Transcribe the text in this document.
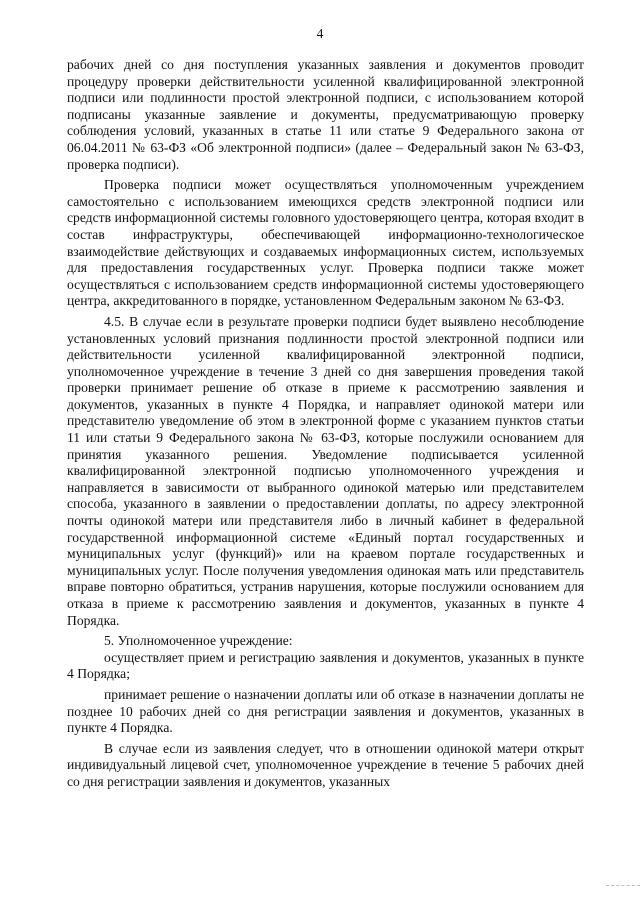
4

рабочих дней со дня поступления указанных заявления и документов проводит процедуру проверки действительности усиленной квалифицированной электронной подписи или подлинности простой электронной подписи, с использованием которой подписаны указанные заявление и документы, предусматривающую проверку соблюдения условий, указанных в статье 11 или статье 9 Федерального закона от 06.04.2011 № 63-ФЗ «Об электронной подписи» (далее – Федеральный закон № 63-ФЗ, проверка подписи).

Проверка подписи может осуществляться уполномоченным учреждением самостоятельно с использованием имеющихся средств электронной подписи или средств информационной системы головного удостоверяющего центра, которая входит в состав инфраструктуры, обеспечивающей информационно-технологическое взаимодействие действующих и создаваемых информационных систем, используемых для предоставления государственных услуг. Проверка подписи также может осуществляться с использованием средств информационной системы удостоверяющего центра, аккредитованного в порядке, установленном Федеральным законом № 63-ФЗ.

4.5. В случае если в результате проверки подписи будет выявлено несоблюдение установленных условий признания подлинности простой электронной подписи или действительности усиленной квалифицированной электронной подписи, уполномоченное учреждение в течение 3 дней со дня завершения проведения такой проверки принимает решение об отказе в приеме к рассмотрению заявления и документов, указанных в пункте 4 Порядка, и направляет одинокой матери или представителю уведомление об этом в электронной форме с указанием пунктов статьи 11 или статьи 9 Федерального закона № 63-ФЗ, которые послужили основанием для принятия указанного решения. Уведомление подписывается усиленной квалифицированной электронной подписью уполномоченного учреждения и направляется в зависимости от выбранного одинокой матерью или представителем способа, указанного в заявлении о предоставлении доплаты, по адресу электронной почты одинокой матери или представителя либо в личный кабинет в федеральной государственной информационной системе «Единый портал государственных и муниципальных услуг (функций)» или на краевом портале государственных и муниципальных услуг. После получения уведомления одинокая мать или представитель вправе повторно обратиться, устранив нарушения, которые послужили основанием для отказа в приеме к рассмотрению заявления и документов, указанных в пункте 4 Порядка.

5. Уполномоченное учреждение:

осуществляет прием и регистрацию заявления и документов, указанных в пункте 4 Порядка;

принимает решение о назначении доплаты или об отказе в назначении доплаты не позднее 10 рабочих дней со дня регистрации заявления и документов, указанных в пункте 4 Порядка.

В случае если из заявления следует, что в отношении одинокой матери открыт индивидуальный лицевой счет, уполномоченное учреждение в течение 5 рабочих дней со дня регистрации заявления и документов, указанных
